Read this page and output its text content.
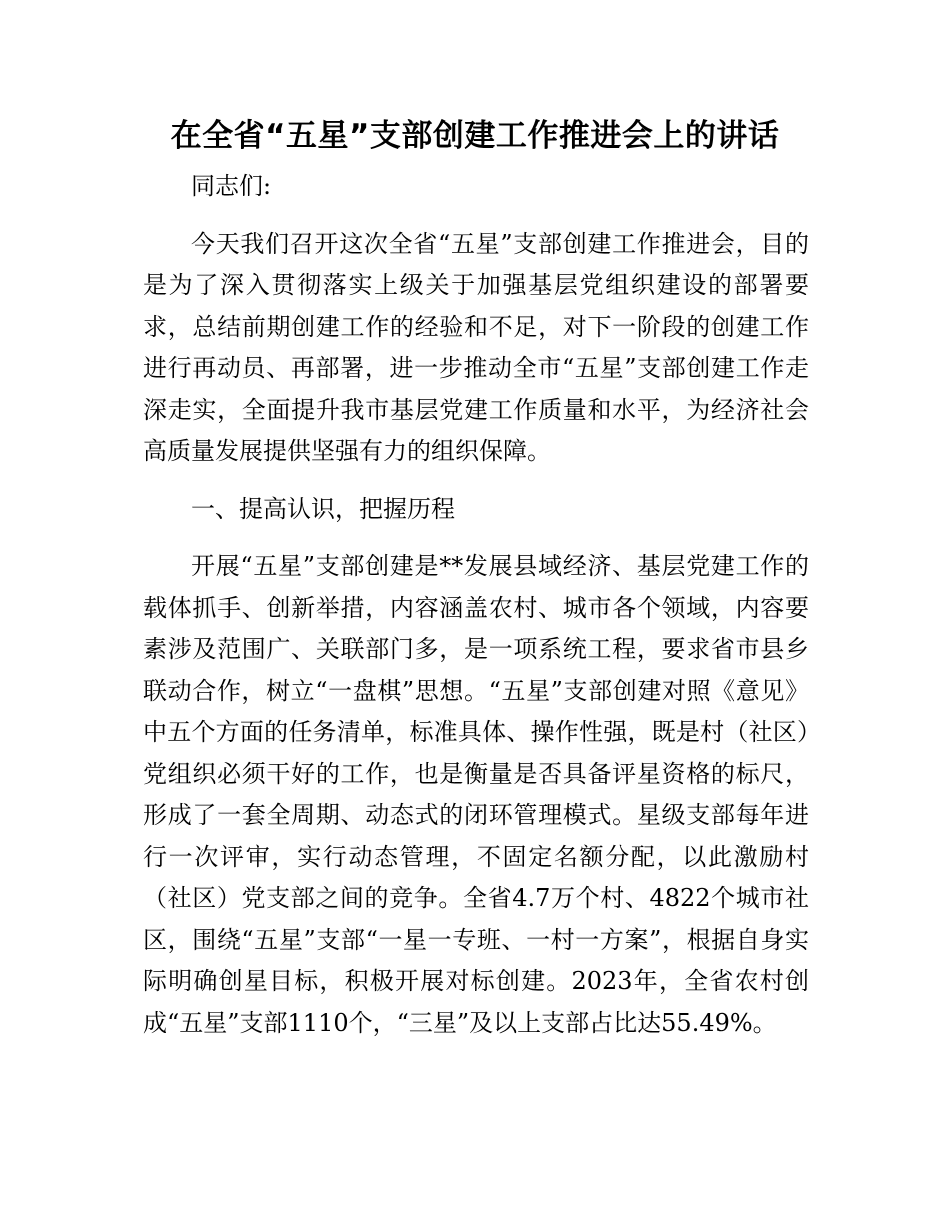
在全省“五星”支部创建工作推进会上的讲话

同志们:

今天我们召开这次全省“五星”支部创建工作推进会，目的是为了深入贯彻落实上级关于加强基层党组织建设的部署要求，总结前期创建工作的经验和不足，对下一阶段的创建工作进行再动员、再部署，进一步推动全市“五星”支部创建工作走深走实，全面提升我市基层党建工作质量和水平，为经济社会高质量发展提供坚强有力的组织保障。

一、提高认识，把握历程

开展“五星”支部创建是**发展县域经济、基层党建工作的载体抓手、创新举措，内容涵盖农村、城市各个领域，内容要素涉及范围广、关联部门多，是一项系统工程，要求省市县乡联动合作，树立“一盘棋”思想。“五星”支部创建对照《意见》中五个方面的任务清单，标准具体、操作性强，既是村（社区）党组织必须干好的工作，也是衡量是否具备评星资格的标尺，形成了一套全周期、动态式的闭环管理模式。星级支部每年进行一次评审，实行动态管理，不固定名额分配，以此激励村（社区）党支部之间的竞争。全省4.7万个村、4822个城市社区，围绕“五星”支部“一星一专班、一村一方案”，根据自身实际明确创星目标，积极开展对标创建。2023年，全省农村创成“五星”支部1110个，“三星”及以上支部占比达55.49%。
